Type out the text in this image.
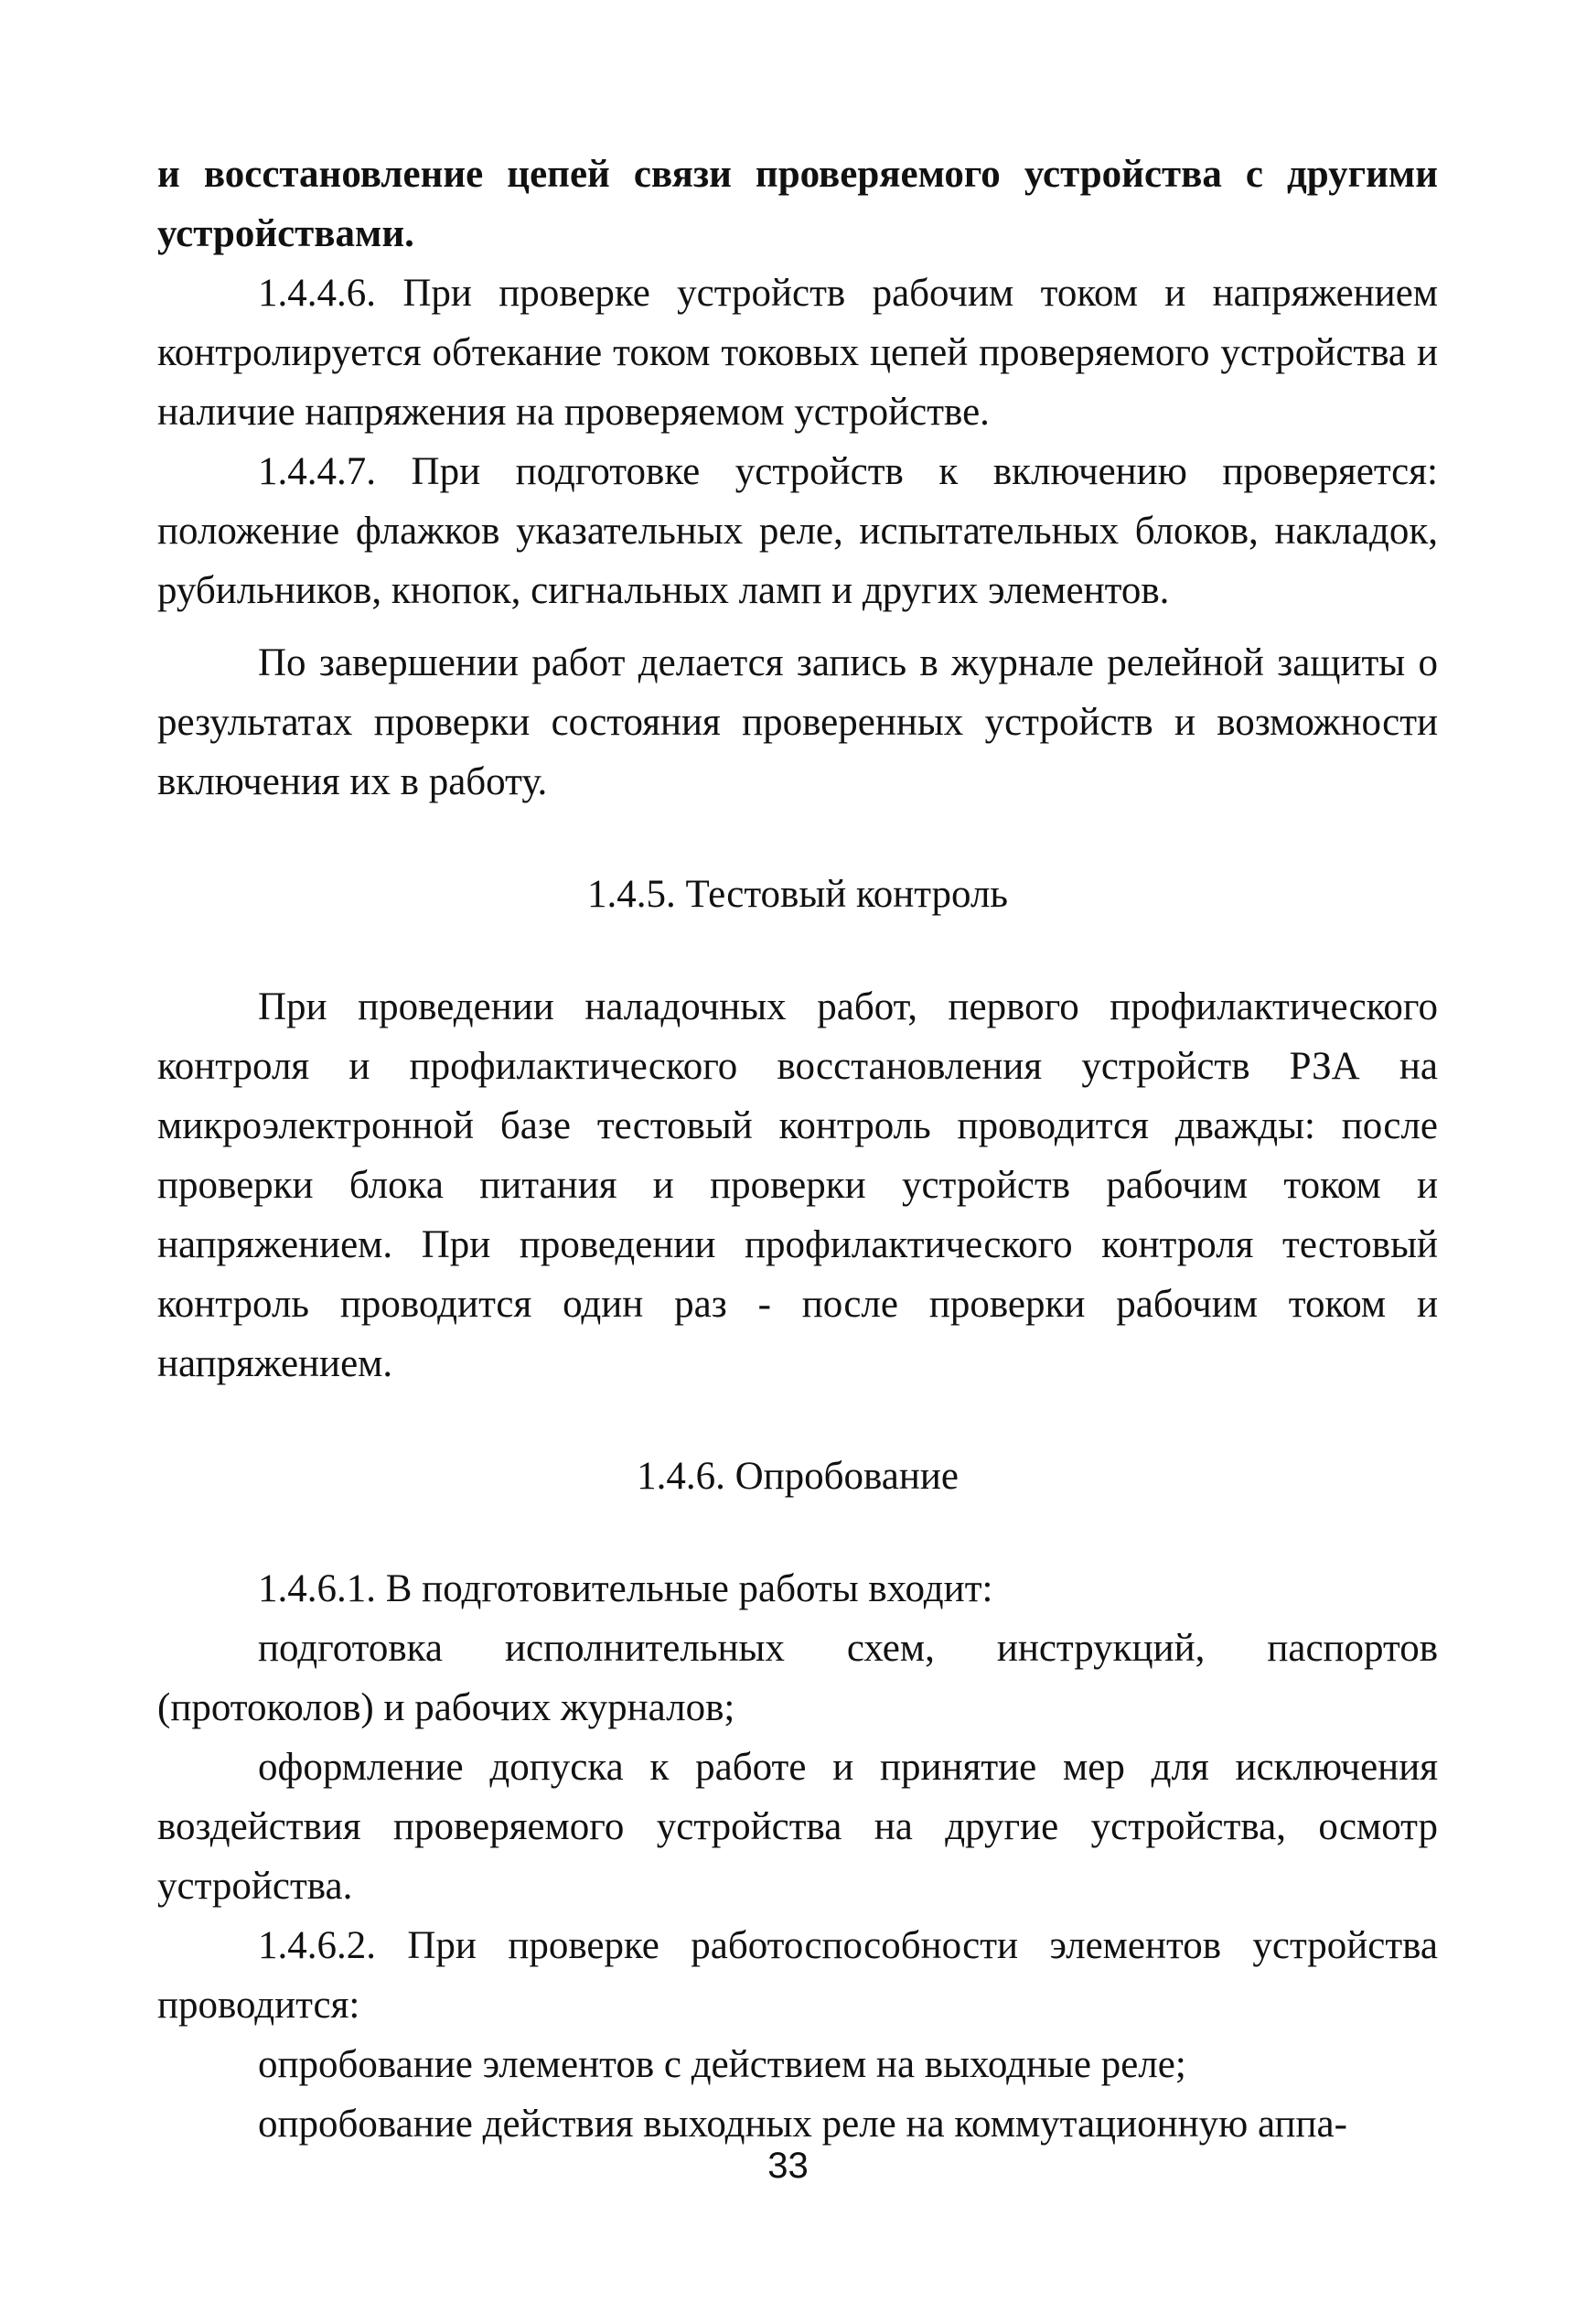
и восстановление цепей связи проверяемого устройства с другими устройствами.

1.4.4.6. При проверке устройств рабочим током и напряжением контролируется обтекание током токовых цепей проверяемого устройства и наличие напряжения на проверяемом устройстве.

1.4.4.7. При подготовке устройств к включению проверяется: положение флажков указательных реле, испытательных блоков, накладок, рубильников, кнопок, сигнальных ламп и других элементов.

По завершении работ делается запись в журнале релейной защиты о результатах проверки состояния проверенных устройств и возможности включения их в работу.

1.4.5. Тестовый контроль

При проведении наладочных работ, первого профилактического контроля и профилактического восстановления устройств РЗА на микроэлектронной базе тестовый контроль проводится дважды: после проверки блока питания и проверки устройств рабочим током и напряжением. При проведении профилактического контроля тестовый контроль проводится один раз - после проверки рабочим током и напряжением.

1.4.6. Опробование

1.4.6.1. В подготовительные работы входит:

подготовка исполнительных схем, инструкций, паспортов (протоколов) и рабочих журналов;

оформление допуска к работе и принятие мер для исключения воздействия проверяемого устройства на другие устройства, осмотр устройства.

1.4.6.2. При проверке работоспособности элементов устройства проводится:

опробование элементов с действием на выходные реле;

опробование действия выходных реле на коммутационную аппа-

33
